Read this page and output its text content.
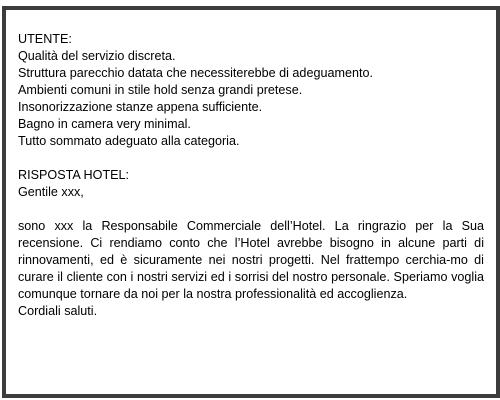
UTENTE:
Qualità del servizio discreta.
Struttura parecchio datata che necessiterebbe di adeguamento.
Ambienti comuni in stile hold senza grandi pretese.
Insonorizzazione stanze appena sufficiente.
Bagno in camera very minimal.
Tutto sommato adeguato alla categoria.
RISPOSTA HOTEL:
Gentile xxx,
sono xxx la Responsabile Commerciale dell’Hotel. La ringrazio per la Sua recensione. Ci rendiamo conto che l’Hotel avrebbe bisogno in alcune parti di rinnovamenti, ed è sicuramente nei nostri progetti. Nel frattempo cerchia-mo di curare il cliente con i nostri servizi ed i sorrisi del nostro personale. Speriamo voglia comunque tornare da noi per la nostra professionalità ed accoglienza.
Cordiali saluti.
